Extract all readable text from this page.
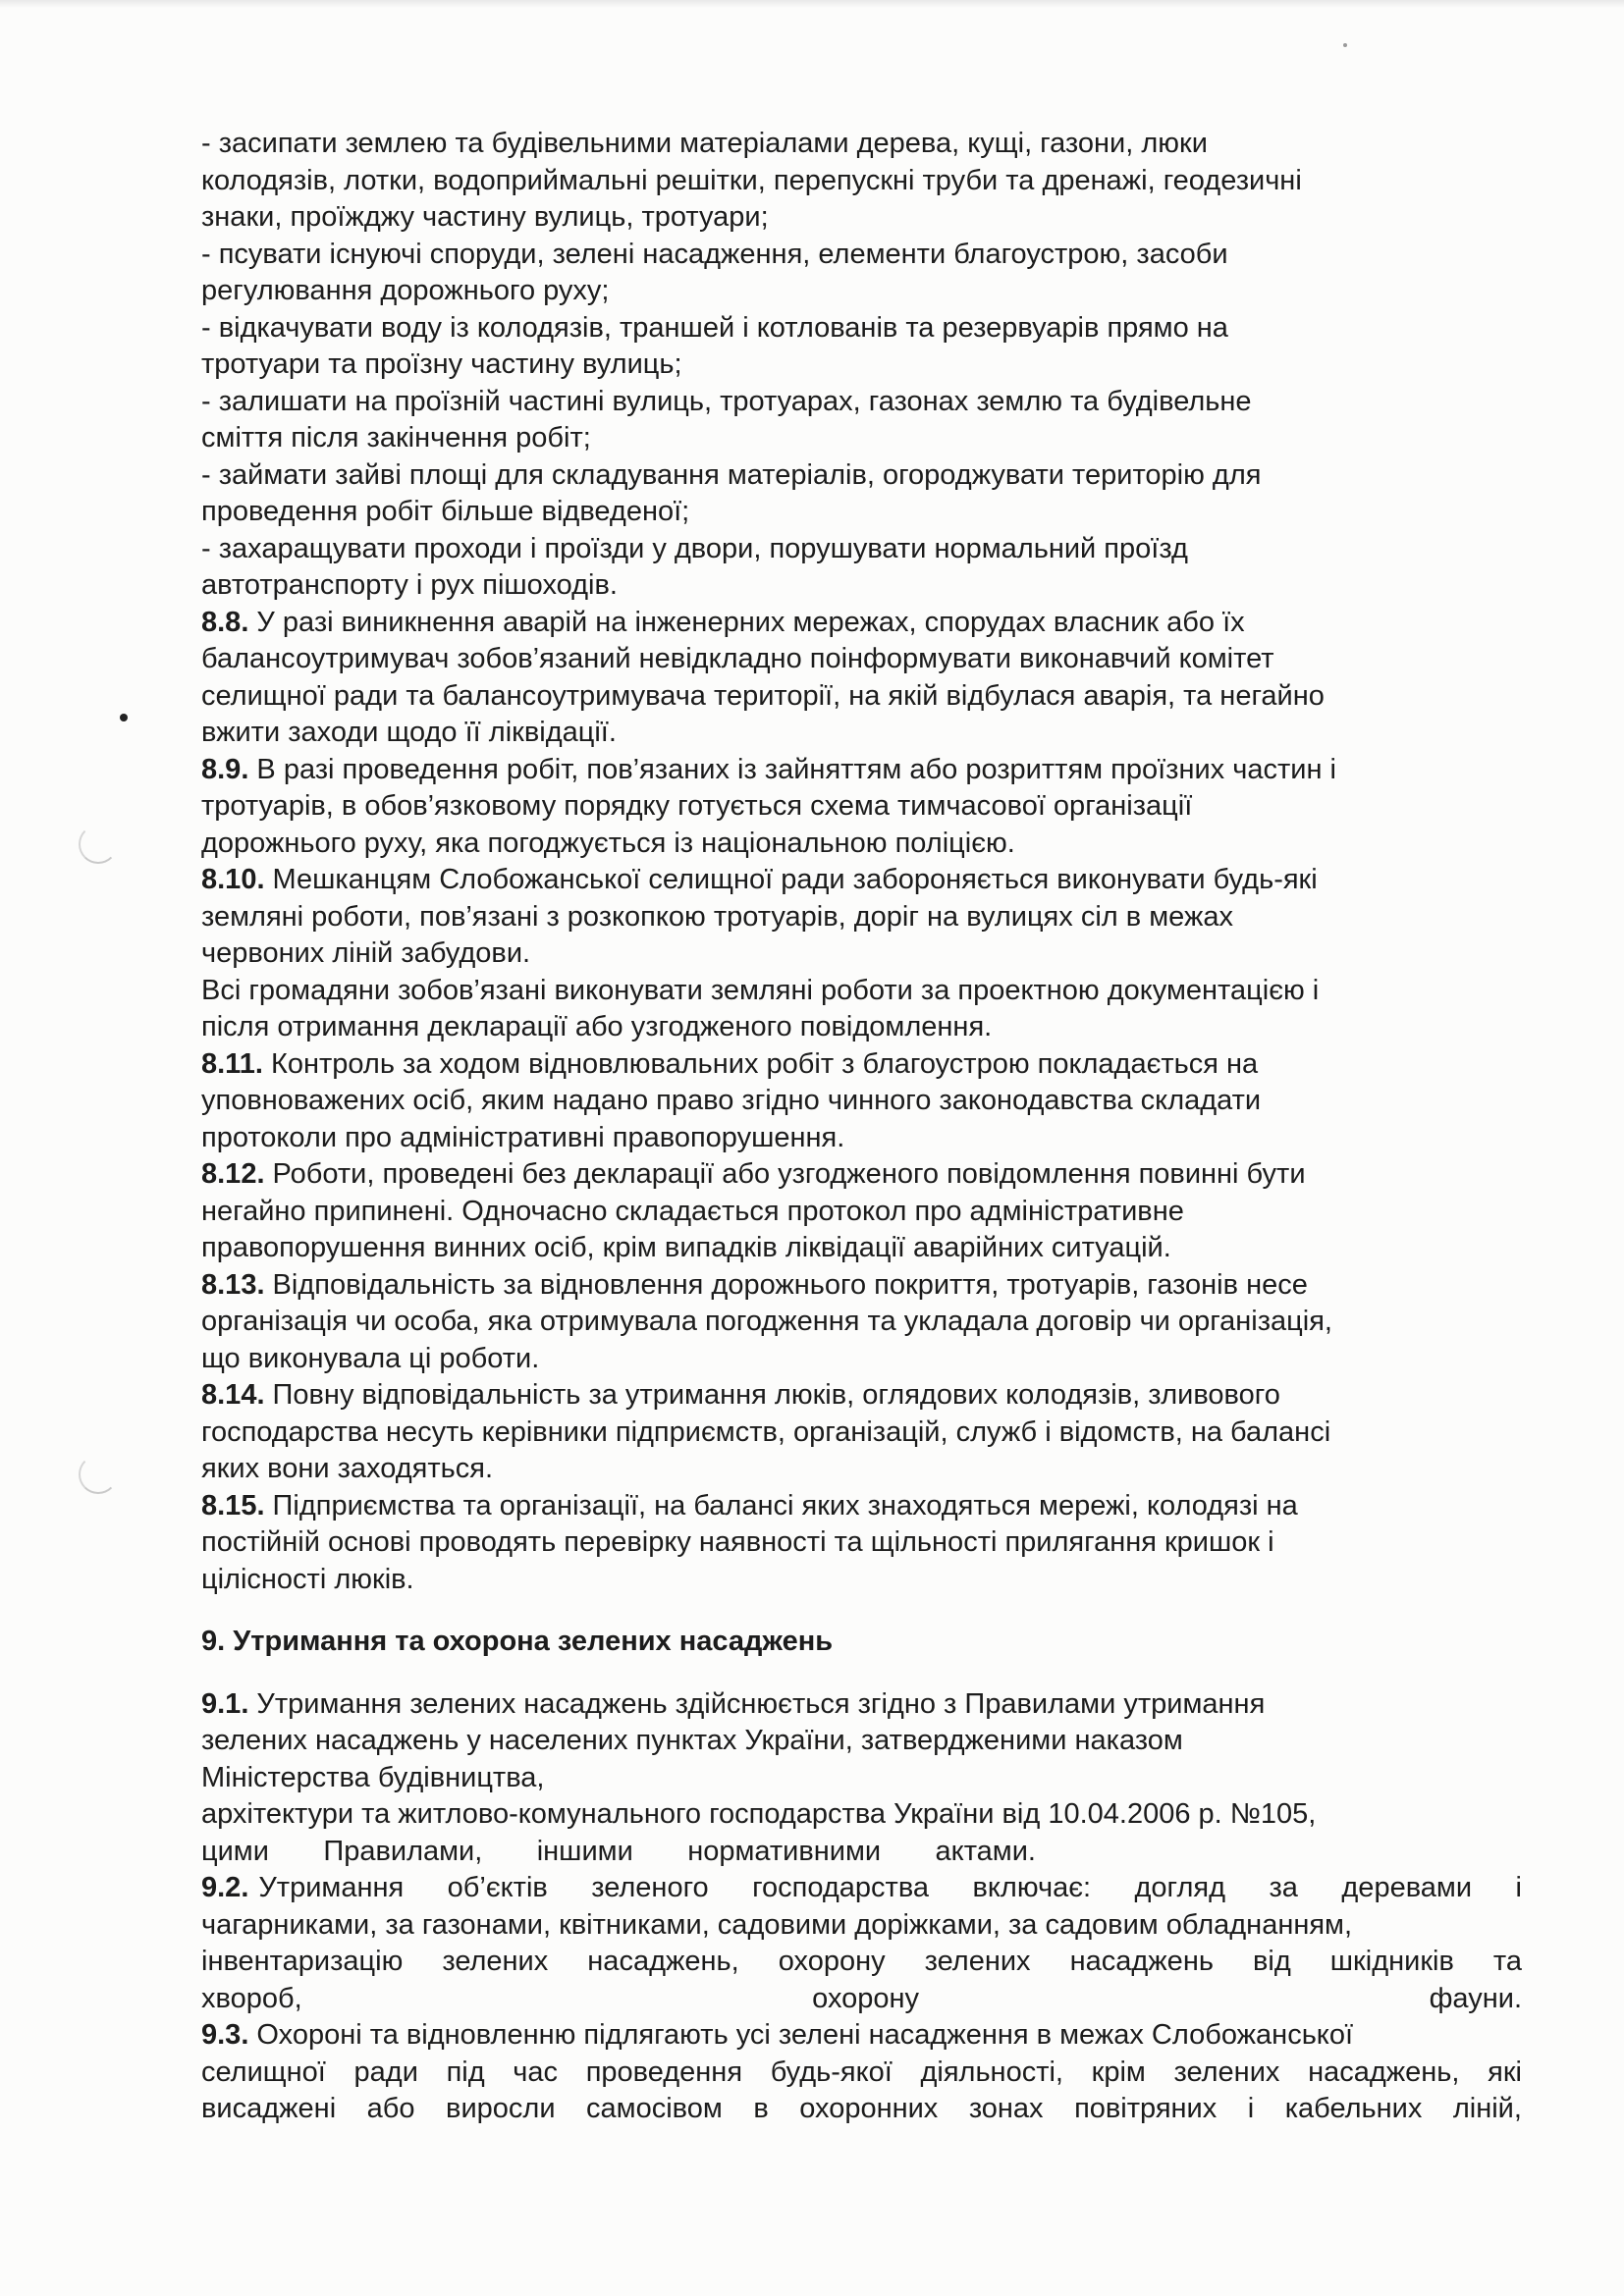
- засипати землею та будівельними матеріалами дерева, кущі, газони, люки
колодязів, лотки, водоприймальні решітки, перепускні труби та дренажі, геодезичні
знаки, проїжджу частину вулиць, тротуари;
- псувати існуючі споруди, зелені насадження, елементи благоустрою, засоби
регулювання дорожнього руху;
- відкачувати воду із колодязів, траншей і котлованів та резервуарів прямо на
тротуари та проїзну частину вулиць;
- залишати на проїзній частині вулиць, тротуарах, газонах землю та будівельне
сміття після закінчення робіт;
- займати зайві площі для складування матеріалів, огороджувати територію для
проведення робіт більше відведеної;
- захаращувати проходи і проїзди у двори, порушувати нормальний проїзд
автотранспорту і рух пішоходів.
8.8. У разі виникнення аварій на інженерних мережах, спорудах власник або їх
балансоутримувач зобов’язаний невідкладно поінформувати виконавчий комітет
селищної ради та балансоутримувача території, на якій відбулася аварія, та негайно
вжити заходи щодо її ліквідації.
8.9. В разі проведення робіт, пов’язаних із зайняттям або розриттям проїзних частин і
тротуарів, в обов’язковому порядку готується схема тимчасової організації
дорожнього руху, яка погоджується із національною поліцією.
8.10. Мешканцям Слобожанської селищної ради забороняється виконувати будь-які
земляні роботи, пов’язані з розкопкою тротуарів, доріг на вулицях сіл в межах
червоних ліній забудови.
Всі громадяни зобов’язані виконувати земляні роботи за проектною документацією і
після отримання декларації або узгодженого повідомлення.
8.11. Контроль за ходом відновлювальних робіт з благоустрою покладається на
уповноважених осіб, яким надано право згідно чинного законодавства складати
протоколи про адміністративні правопорушення.
8.12. Роботи, проведені без декларації або узгодженого повідомлення повинні бути
негайно припинені. Одночасно складається протокол про адміністративне
правопорушення винних осіб, крім випадків ліквідації аварійних ситуацій.
8.13. Відповідальність за відновлення дорожнього покриття, тротуарів, газонів несе
організація чи особа, яка отримувала погодження та укладала договір чи організація,
що виконувала ці роботи.
8.14. Повну відповідальність за утримання люків, оглядових колодязів, зливового
господарства несуть керівники підприємств, організацій, служб і відомств, на балансі
яких вони заходяться.
8.15. Підприємства та організації, на балансі яких знаходяться мережі, колодязі на
постійній основі проводять перевірку наявності та щільності прилягання кришок і
цілісності люків.
9. Утримання та охорона зелених насаджень
9.1. Утримання зелених насаджень здійснюється згідно з Правилами утримання
зелених насаджень у населених пунктах України, затвердженими наказом
Міністерства будівництва,
архітектури та житлово-комунального господарства України від 10.04.2006 р. №105,
цими Правилами, іншими нормативними актами.
9.2. Утримання об’єктів зеленого господарства включає: догляд за деревами і
чагарниками, за газонами, квітниками, садовими доріжками, за садовим обладнанням,
інвентаризацію зелених насаджень, охорону зелених насаджень від шкідників та
хвороб,	охорону	фауни.
9.3. Охороні та відновленню підлягають усі зелені насадження в межах Слобожанської
селищної ради під час проведення будь-якої діяльності, крім зелених насаджень, які
висаджені або виросли самосівом в охоронних зонах повітряних і кабельних ліній,
